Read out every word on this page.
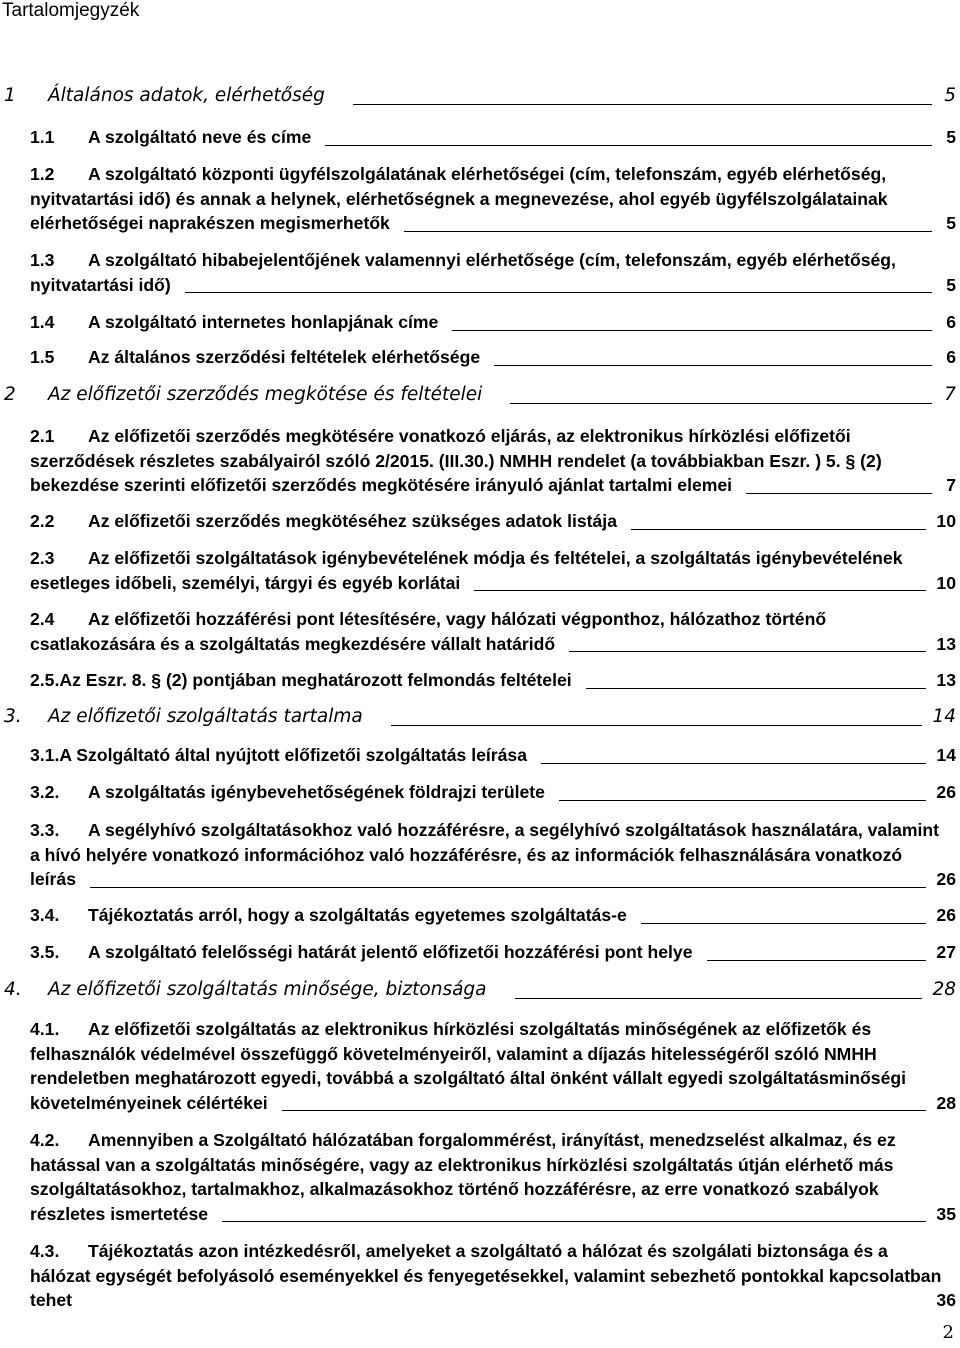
Tartalomjegyzék
1	Általános adatok, elérhetőség	5
1.1	A szolgáltató neve és címe	5
1.2 A szolgáltató központi ügyfélszolgálatának elérhetőségei (cím, telefonszám, egyéb elérhetőség,
nyitvatartási idő) és annak a helynek, elérhetőségnek a megnevezése, ahol egyéb ügyfélszolgálatainak
elérhetőségei naprakészen megismerhetők	5
1.3 A szolgáltató hibabejelentőjének valamennyi elérhetősége (cím, telefonszám, egyéb elérhetőség,
nyitvatartási idő)	5
1.4	A szolgáltató internetes honlapjának címe	6
1.5	Az általános szerződési feltételek elérhetősége	6
2	Az előfizetői szerződés megkötése és feltételei	7
2.1 Az előfizetői szerződés megkötésére vonatkozó eljárás, az elektronikus hírközlési előfizetői
szerződések részletes szabályairól szóló 2/2015. (III.30.) NMHH rendelet (a továbbiakban Eszr. ) 5. § (2)
bekezdése szerinti előfizetői szerződés megkötésére irányuló ajánlat tartalmi elemei	7
2.2	Az előfizetői szerződés megkötéséhez szükséges adatok listája	10
2.3 Az előfizetői szolgáltatások igénybevételének módja és feltételei, a szolgáltatás igénybevételének
esetleges időbeli, személyi, tárgyi és egyéb korlátai	10
2.4 Az előfizetői hozzáférési pont létesítésére, vagy hálózati végponthoz, hálózathoz történő
csatlakozására és a szolgáltatás megkezdésére vállalt határidő	13
2.5. Az Eszr. 8. § (2) pontjában meghatározott felmondás feltételei	13
3.	Az előfizetői szolgáltatás tartalma	14
3.1. A Szolgáltató által nyújtott előfizetői szolgáltatás leírása	14
3.2.	A szolgáltatás igénybevehetőségének földrajzi területe	26
3.3. A segélyhívó szolgáltatásokhoz való hozzáférésre, a segélyhívó szolgáltatások használatára, valamint
a hívó helyére vonatkozó információhoz való hozzáférésre, és az információk felhasználására vonatkozó
leírás	26
3.4.	Tájékoztatás arról, hogy a szolgáltatás egyetemes szolgáltatás-e	26
3.5.	A szolgáltató felelősségi határát jelentő előfizetői hozzáférési pont helye	27
4.	Az előfizetői szolgáltatás minősége, biztonsága	28
4.1. Az előfizetői szolgáltatás az elektronikus hírközlési szolgáltatás minőségének az előfizetők és
felhasználók védelmével összefüggő követelményeiről, valamint a díjazás hitelességéről szóló NMHH
rendeletben meghatározott egyedi, továbbá a szolgáltató által önként vállalt egyedi szolgáltatásminőségi
követelményeinek célértékei	28
4.2. Amennyiben a Szolgáltató hálózatában forgalommérést, irányítást, menedzselést alkalmaz, és ez
hatással van a szolgáltatás minőségére, vagy az elektronikus hírközlési szolgáltatás útján elérhető más
szolgáltatásokhoz, tartalmakhoz, alkalmazásokhoz történő hozzáférésre, az erre vonatkozó szabályok
részletes ismertetése	35
4.3. Tájékoztatás azon intézkedésről, amelyeket a szolgáltató a hálózat és szolgálati biztonsága és a
hálózat egységét befolyásoló eseményekkel és fenyegetésekkel, valamint sebezhető pontokkal kapcsolatban
tehet	36
2
